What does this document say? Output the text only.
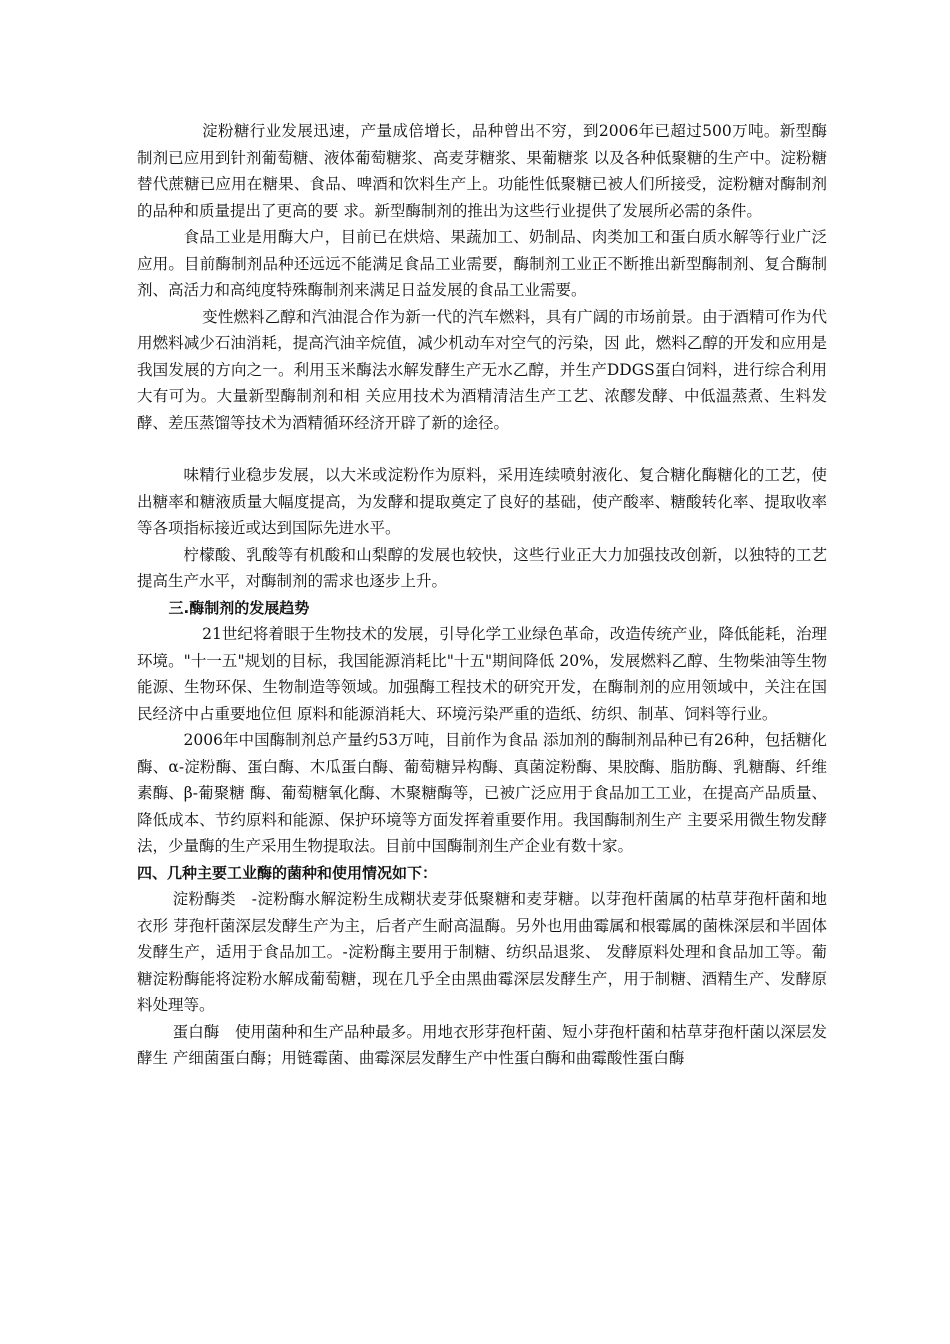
淀粉糖行业发展迅速，产量成倍增长，品种曾出不穷，到2006年已超过500万吨。新型酶制剂已应用到针剂葡萄糖、液体葡萄糖浆、高麦芽糖浆、果葡糖浆 以及各种低聚糖的生产中。淀粉糖替代蔗糖已应用在糖果、食品、啤酒和饮料生产上。功能性低聚糖已被人们所接受，淀粉糖对酶制剂的品种和质量提出了更高的要 求。新型酶制剂的推出为这些行业提供了发展所必需的条件。

食品工业是用酶大户，目前已在烘焙、果蔬加工、奶制品、肉类加工和蛋白质水解等行业广泛应用。目前酶制剂品种还远远不能满足食品工业需要，酶制剂工业正不断推出新型酶制剂、复合酶制剂、高活力和高纯度特殊酶制剂来满足日益发展的食品工业需要。

变性燃料乙醇和汽油混合作为新一代的汽车燃料，具有广阔的市场前景。由于酒精可作为代用燃料减少石油消耗，提高汽油辛烷值，减少机动车对空气的污染，因 此，燃料乙醇的开发和应用是我国发展的方向之一。利用玉米酶法水解发酵生产无水乙醇，并生产DDGS蛋白饲料，进行综合利用大有可为。大量新型酶制剂和相 关应用技术为酒精清洁生产工艺、浓醪发酵、中低温蒸煮、生料发酵、差压蒸馏等技术为酒精循环经济开辟了新的途径。

味精行业稳步发展，以大米或淀粉作为原料，采用连续喷射液化、复合糖化酶糖化的工艺，使出糖率和糖液质量大幅度提高，为发酵和提取奠定了良好的基础，使产酸率、糖酸转化率、提取收率等各项指标接近或达到国际先进水平。

柠檬酸、乳酸等有机酸和山梨醇的发展也较快，这些行业正大力加强技改创新，以独特的工艺提高生产水平，对酶制剂的需求也逐步上升。

三.酶制剂的发展趋势

21世纪将着眼于生物技术的发展，引导化学工业绿色革命，改造传统产业，降低能耗，治理环境。"十一五"规划的目标，我国能源消耗比"十五"期间降低 20%，发展燃料乙醇、生物柴油等生物能源、生物环保、生物制造等领域。加强酶工程技术的研究开发，在酶制剂的应用领域中，关注在国民经济中占重要地位但 原料和能源消耗大、环境污染严重的造纸、纺织、制革、饲料等行业。

2006年中国酶制剂总产量约53万吨，目前作为食品 添加剂的酶制剂品种已有26种，包括糖化酶、α-淀粉酶、蛋白酶、木瓜蛋白酶、葡萄糖异构酶、真菌淀粉酶、果胶酶、脂肪酶、乳糖酶、纤维素酶、β-葡聚糖 酶、葡萄糖氧化酶、木聚糖酶等，已被广泛应用于食品加工工业，在提高产品质量、降低成本、节约原料和能源、保护环境等方面发挥着重要作用。我国酶制剂生产 主要采用微生物发酵法，少量酶的生产采用生物提取法。目前中国酶制剂生产企业有数十家。

四、几种主要工业酶的菌种和使用情况如下：

淀粉酶类　-淀粉酶水解淀粉生成糊状麦芽低聚糖和麦芽糖。以芽孢杆菌属的枯草芽孢杆菌和地衣形 芽孢杆菌深层发酵生产为主，后者产生耐高温酶。另外也用曲霉属和根霉属的菌株深层和半固体发酵生产，适用于食品加工。-淀粉酶主要用于制糖、纺织品退浆、 发酵原料处理和食品加工等。葡糖淀粉酶能将淀粉水解成葡萄糖，现在几乎全由黑曲霉深层发酵生产，用于制糖、酒精生产、发酵原料处理等。

蛋白酶　使用菌种和生产品种最多。用地衣形芽孢杆菌、短小芽孢杆菌和枯草芽孢杆菌以深层发酵生 产细菌蛋白酶；用链霉菌、曲霉深层发酵生产中性蛋白酶和曲霉酸性蛋白酶
